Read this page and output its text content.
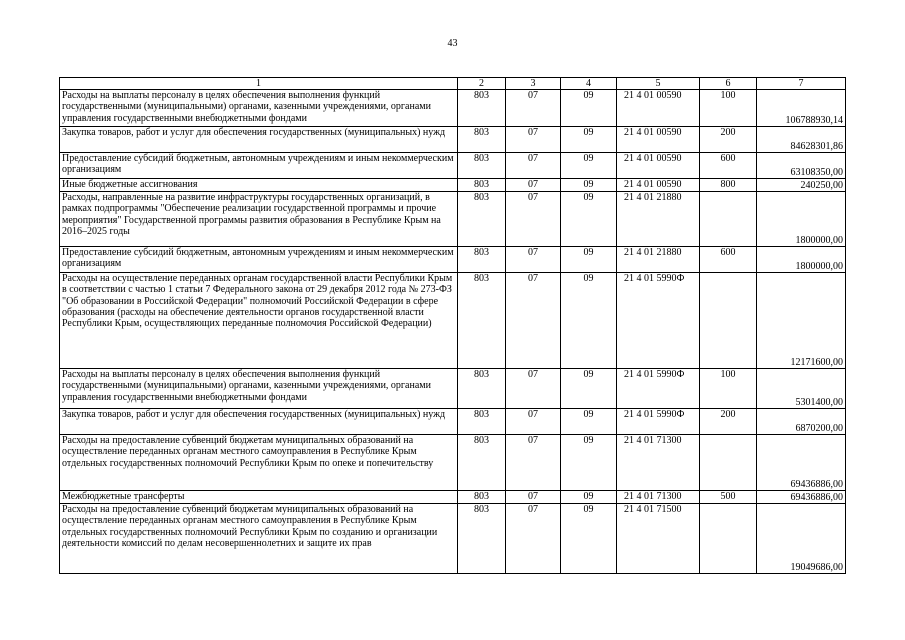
43
1	2	3	4	5	6	7
Расходы на выплаты персоналу в целях обеспечения выполнения функций государственными (муниципальными) органами, казенными учреждениями, органами управления государственными внебюджетными фондами	803	07	09	21 4 01 00590	100	106788930,14
Закупка товаров, работ и услуг для обеспечения государственных (муниципальных) нужд	803	07	09	21 4 01 00590	200	84628301,86
Предоставление субсидий бюджетным, автономным учреждениям и иным некоммерческим организациям	803	07	09	21 4 01 00590	600	63108350,00
Иные бюджетные ассигнования	803	07	09	21 4 01 00590	800	240250,00
Расходы, направленные на развитие инфраструктуры государственных организаций, в рамках подпрограммы "Обеспечение реализации государственной программы и прочие мероприятия" Государственной программы развития образования в Республике Крым на 2016–2025 годы	803	07	09	21 4 01 21880		1800000,00
Предоставление субсидий бюджетным, автономным учреждениям и иным некоммерческим организациям	803	07	09	21 4 01 21880	600	1800000,00
Расходы на осуществление переданных органам государственной власти Республики Крым в соответствии с частью 1 статьи 7 Федерального закона от 29 декабря 2012 года № 273-ФЗ "Об образовании в Российской Федерации" полномочий Российской Федерации в сфере образования (расходы на обеспечение деятельности органов государственной власти Республики Крым, осуществляющих переданные полномочия Российской Федерации)	803	07	09	21 4 01 5990Ф		12171600,00
Расходы на выплаты персоналу в целях обеспечения выполнения функций государственными (муниципальными) органами, казенными учреждениями, органами управления государственными внебюджетными фондами	803	07	09	21 4 01 5990Ф	100	5301400,00
Закупка товаров, работ и услуг для обеспечения государственных (муниципальных) нужд	803	07	09	21 4 01 5990Ф	200	6870200,00
Расходы на предоставление субвенций бюджетам муниципальных образований на осуществление переданных органам местного самоуправления в Республике Крым отдельных государственных полномочий Республики Крым по опеке и попечительству	803	07	09	21 4 01 71300		69436886,00
Межбюджетные трансферты	803	07	09	21 4 01 71300	500	69436886,00
Расходы на предоставление субвенций бюджетам муниципальных образований на осуществление переданных органам местного самоуправления в Республике Крым отдельных государственных полномочий Республики Крым по созданию и организации деятельности комиссий по делам несовершеннолетних и защите их прав	803	07	09	21 4 01 71500		19049686,00
